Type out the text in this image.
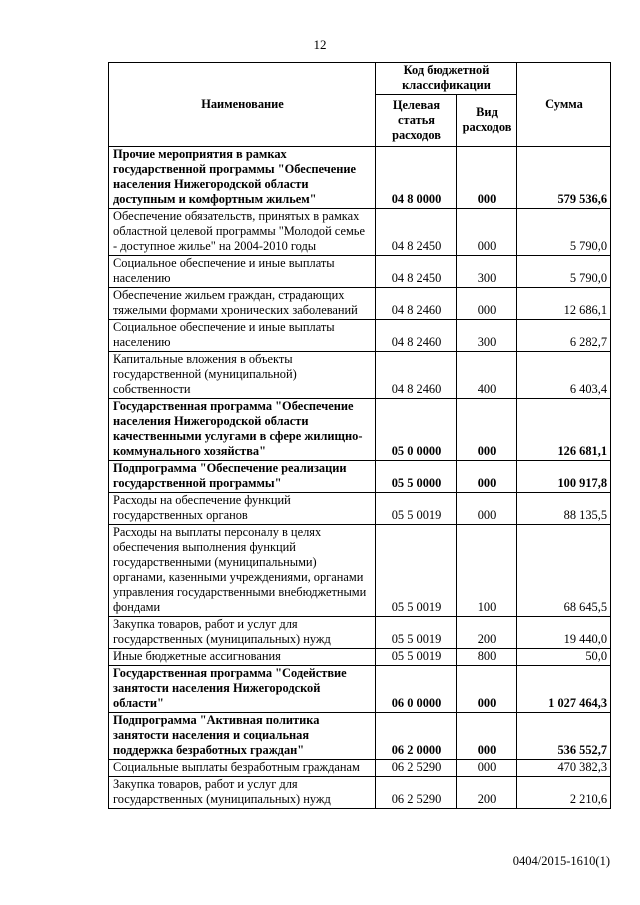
12
Наименование	Код бюджетной классификации		Сумма
	Целевая статья расходов	Вид расходов	
Прочие мероприятия в рамках государственной программы "Обеспечение населения Нижегородской области доступным и комфортным жильем"	04 8 0000	000	579 536,6
Обеспечение обязательств, принятых в рамках областной целевой программы "Молодой семье - доступное жилье" на 2004-2010 годы	04 8 2450	000	5 790,0
Социальное обеспечение и иные выплаты населению	04 8 2450	300	5 790,0
Обеспечение жильем граждан, страдающих тяжелыми формами хронических заболеваний	04 8 2460	000	12 686,1
Социальное обеспечение и иные выплаты населению	04 8 2460	300	6 282,7
Капитальные вложения в объекты государственной (муниципальной) собственности	04 8 2460	400	6 403,4
Государственная программа "Обеспечение населения Нижегородской области качественными услугами в сфере жилищно-коммунального хозяйства"	05 0 0000	000	126 681,1
Подпрограмма "Обеспечение реализации государственной программы"	05 5 0000	000	100 917,8
Расходы на обеспечение функций государственных органов	05 5 0019	000	88 135,5
Расходы на выплаты персоналу в целях обеспечения выполнения функций государственными (муниципальными) органами, казенными учреждениями, органами управления государственными внебюджетными фондами	05 5 0019	100	68 645,5
Закупка товаров, работ и услуг для государственных (муниципальных) нужд	05 5 0019	200	19 440,0
Иные бюджетные ассигнования	05 5 0019	800	50,0
Государственная программа "Содействие занятости населения Нижегородской области"	06 0 0000	000	1 027 464,3
Подпрограмма "Активная политика занятости населения и социальная поддержка безработных граждан"	06 2 0000	000	536 552,7
Социальные выплаты безработным гражданам	06 2 5290	000	470 382,3
Закупка товаров, работ и услуг для государственных (муниципальных) нужд	06 2 5290	200	2 210,6
0404/2015-1610(1)
